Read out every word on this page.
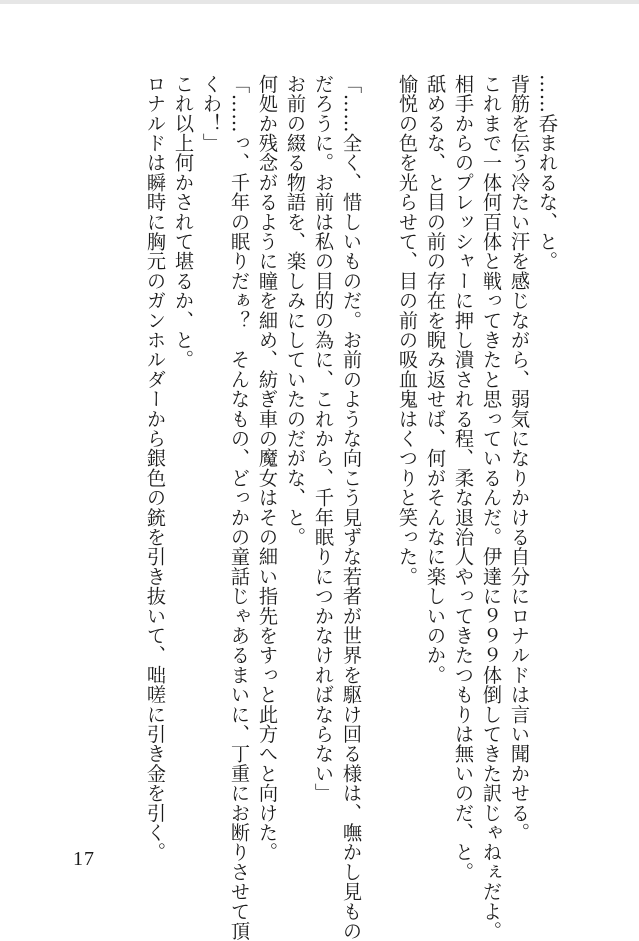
……呑まれるな、と。
背筋を伝う冷たい汗を感じながら、弱気になりかける自分にロナルドは言い聞かせる。
これまで一体何百体と戦ってきたと思っているんだ。伊達に９９９体倒してきた訳じゃねぇだよ。
相手からのプレッシャーに押し潰される程、柔な退治人やってきたつもりは無いのだ、と。
舐めるな、と目の前の存在を睨み返せば、何がそんなに楽しいのか。
愉悦の色を光らせて、目の前の吸血鬼はくつりと笑った。
「……全く、惜しいものだ。お前のような向こう見ずな若者が世界を駆け回る様は、嘸かし見もの
だろうに。お前は私の目的の為に、これから、千年眠りにつかなければならない」
お前の綴る物語を、楽しみにしていたのだがな、と。
何処か残念がるように瞳を細め、紡ぎ車の魔女はその細い指先をすっと此方へと向けた。
「……っ、千年の眠りだぁ？　そんなもの、どっかの童話じゃあるまいに、丁重にお断りさせて頂
くわ！」
これ以上何かされて堪るか、と。
ロナルドは瞬時に胸元のガンホルダーから銀色の銃を引き抜いて、咄嗟に引き金を引く。
17
